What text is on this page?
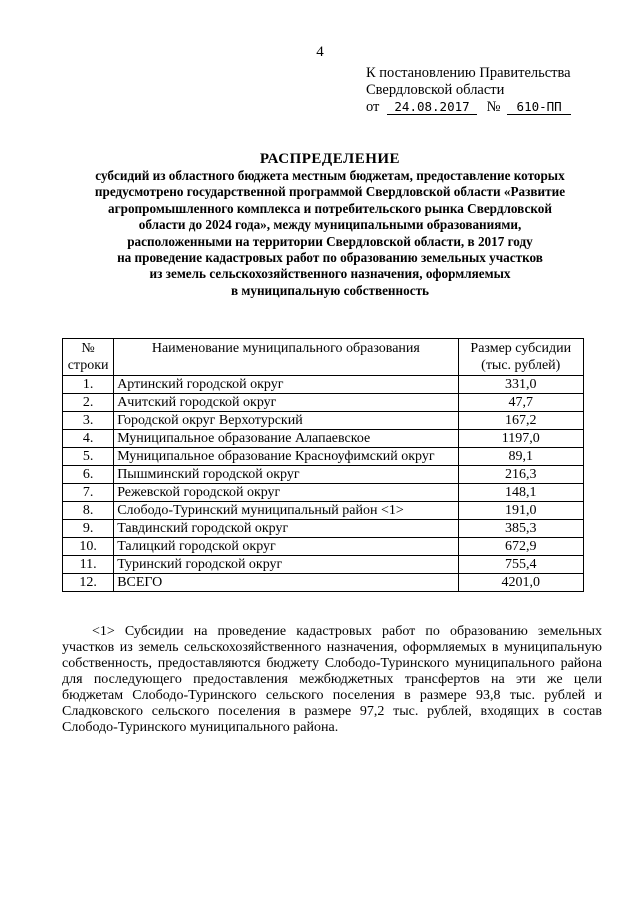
4
К постановлению Правительства
Свердловской области
от 24.08.2017 № 610-ПП
РАСПРЕДЕЛЕНИЕ
субсидий из областного бюджета местным бюджетам, предоставление которых
предусмотрено государственной программой Свердловской области «Развитие
агропромышленного комплекса и потребительского рынка Свердловской
области до 2024 года», между муниципальными образованиями,
расположенными на территории Свердловской области, в 2017 году
на проведение кадастровых работ по образованию земельных участков
из земель сельскохозяйственного назначения, оформляемых
в муниципальную собственность
№ строки	Наименование муниципального образования	Размер субсидии (тыс. рублей)
1.	Артинский городской округ	331,0
2.	Ачитский городской округ	47,7
3.	Городской округ Верхотурский	167,2
4.	Муниципальное образование Алапаевское	1197,0
5.	Муниципальное образование Красноуфимский округ	89,1
6.	Пышминский городской округ	216,3
7.	Режевской городской округ	148,1
8.	Слободо-Туринский муниципальный район <1>	191,0
9.	Тавдинский городской округ	385,3
10.	Талицкий городской округ	672,9
11.	Туринский городской округ	755,4
12.	ВСЕГО	4201,0

<1> Субсидии на проведение кадастровых работ по образованию земельных участков из земель сельскохозяйственного назначения, оформляемых в муниципальную собственность, предоставляются бюджету Слободо-Туринского муниципального района для последующего предоставления межбюджетных трансфертов на эти же цели бюджетам Слободо-Туринского сельского поселения в размере 93,8 тыс. рублей и Сладковского сельского поселения в размере 97,2 тыс. рублей, входящих в состав Слободо-Туринского муниципального района.
